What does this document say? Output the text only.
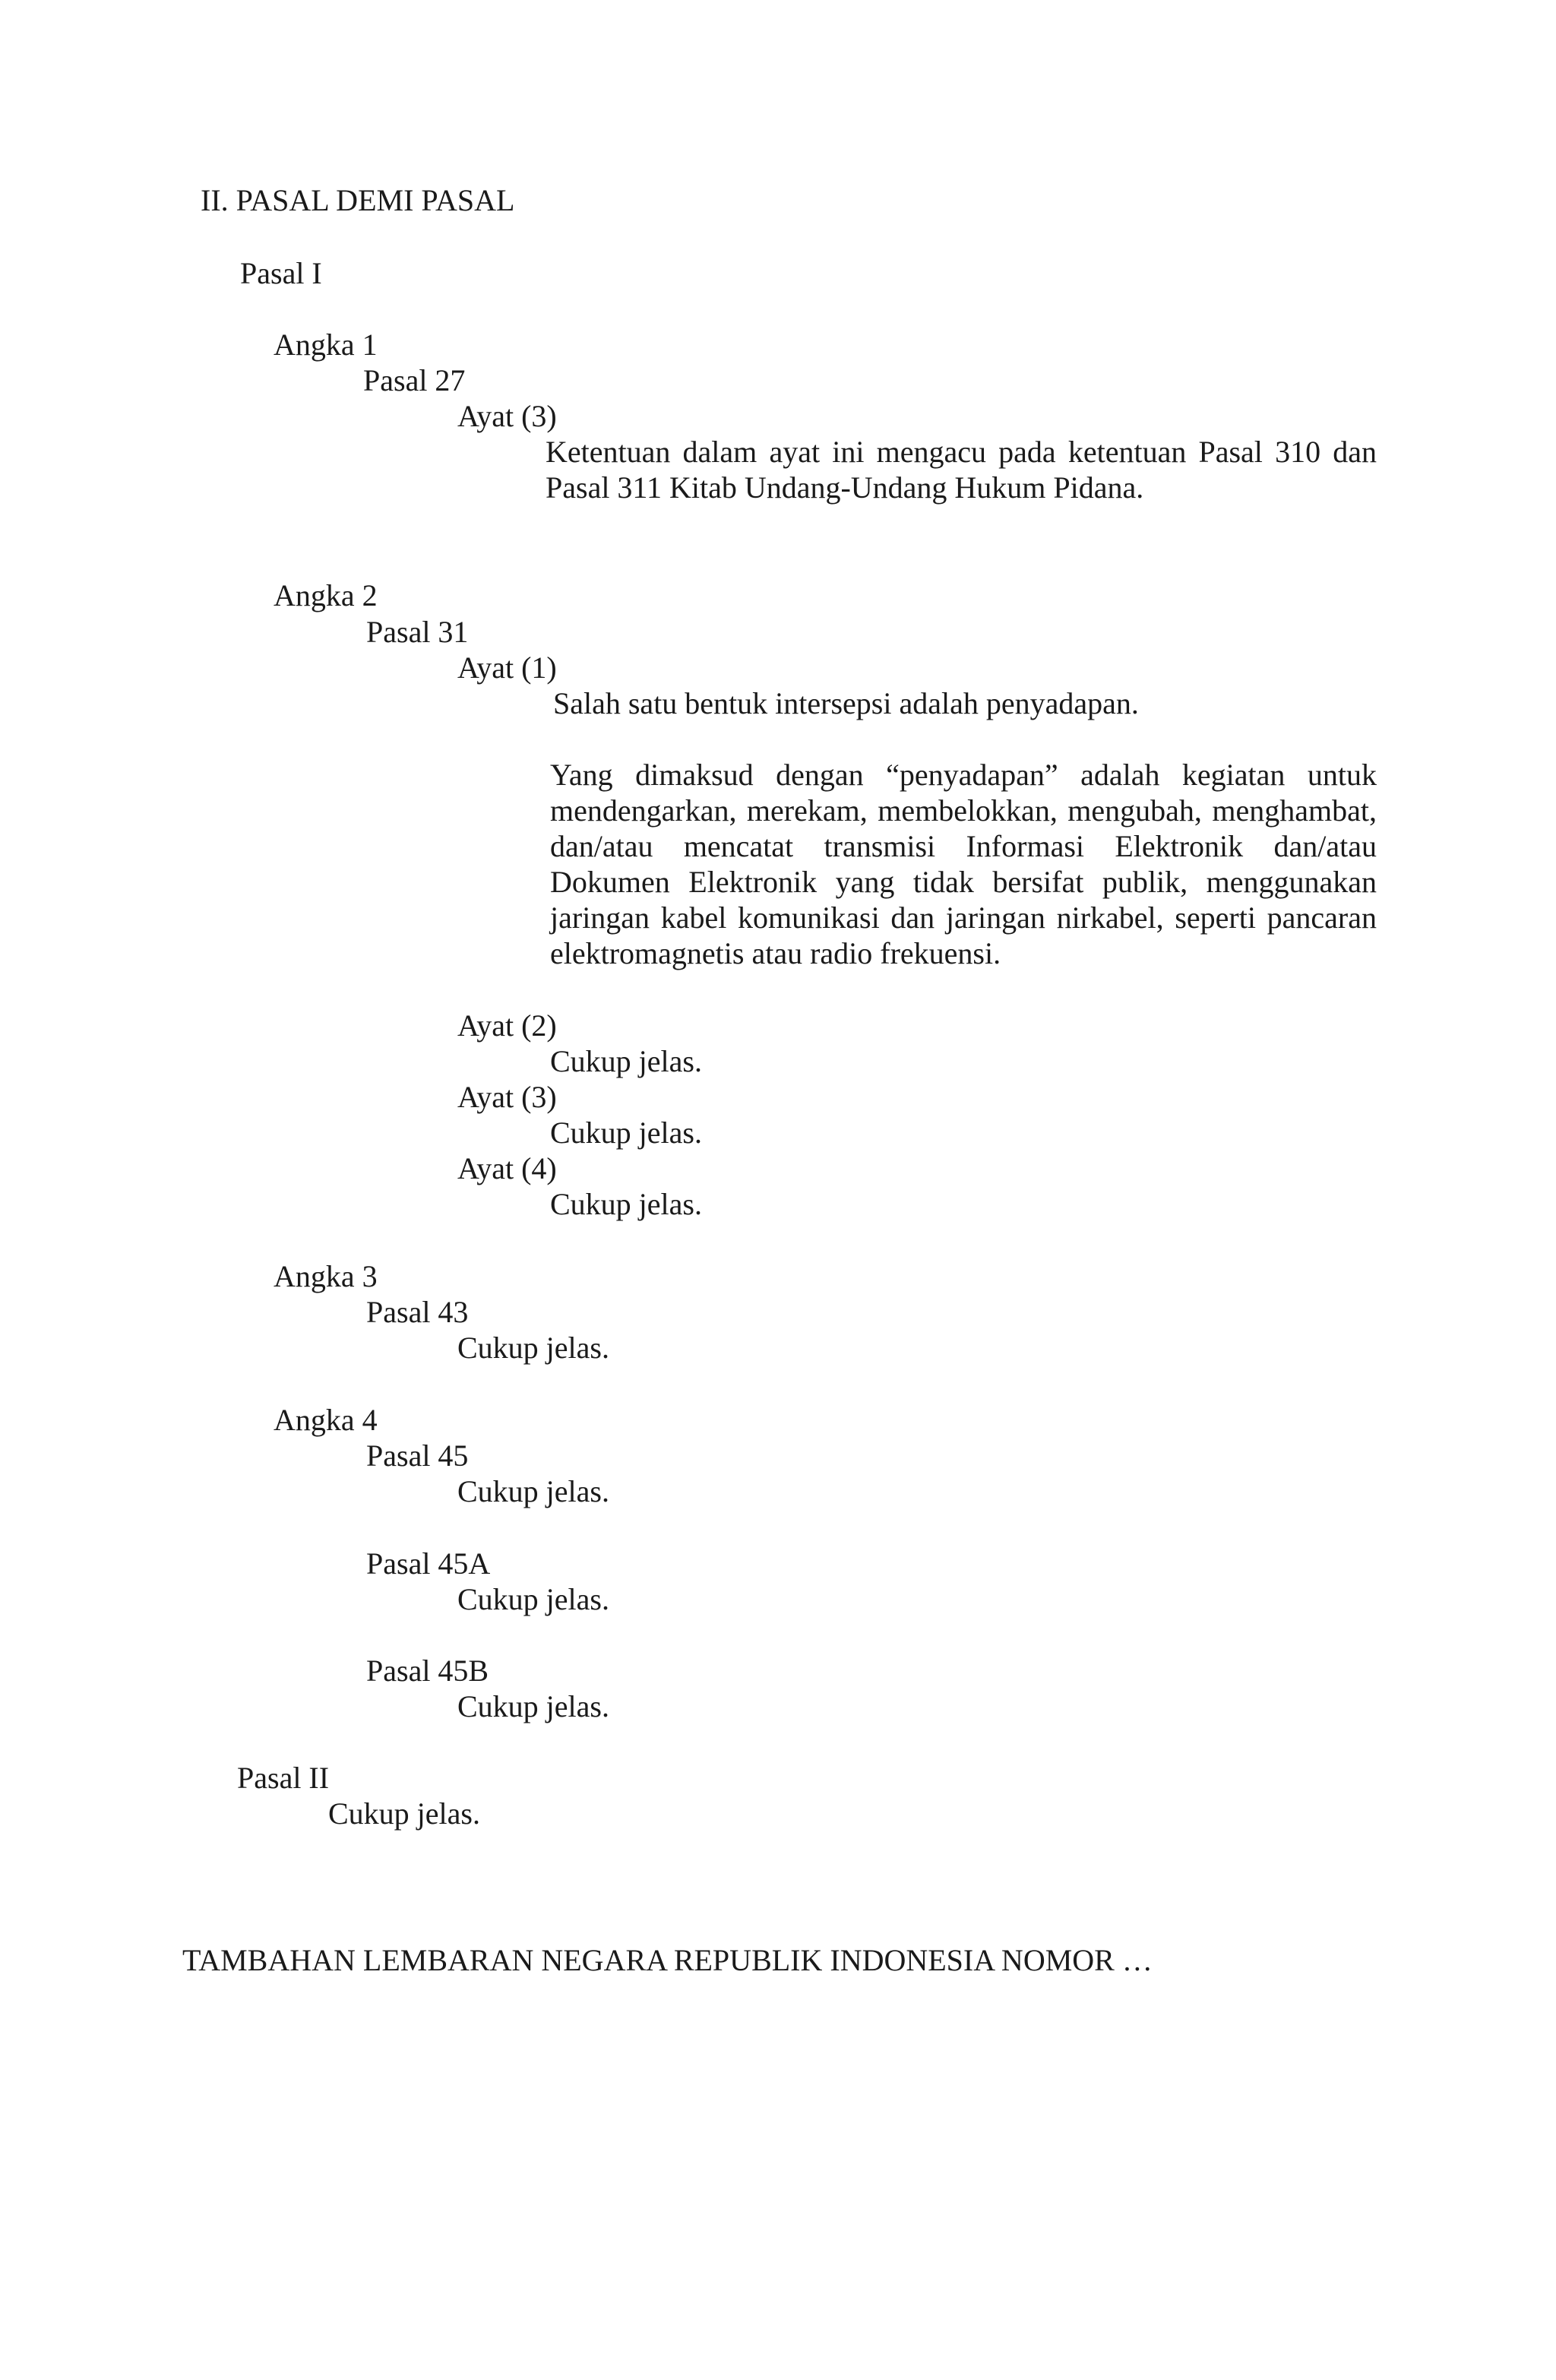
II. PASAL DEMI PASAL
Pasal I
Angka 1
Pasal 27
Ayat (3)
Ketentuan dalam ayat ini mengacu pada ketentuan Pasal 310 dan Pasal 311 Kitab Undang-Undang Hukum Pidana.
Angka 2
Pasal 31
Ayat (1)
Salah satu bentuk intersepsi adalah penyadapan.
Yang dimaksud dengan “penyadapan” adalah kegiatan untuk mendengarkan, merekam, membelokkan, mengubah, menghambat, dan/atau mencatat transmisi Informasi Elektronik dan/atau Dokumen Elektronik yang tidak bersifat publik, menggunakan jaringan kabel komunikasi dan jaringan nirkabel, seperti pancaran elektromagnetis atau radio frekuensi.
Ayat (2)
Cukup jelas.
Ayat (3)
Cukup jelas.
Ayat (4)
Cukup jelas.
Angka 3
Pasal 43
Cukup jelas.
Angka 4
Pasal 45
Cukup jelas.
Pasal 45A
Cukup jelas.
Pasal 45B
Cukup jelas.
Pasal II
Cukup jelas.
TAMBAHAN LEMBARAN NEGARA REPUBLIK INDONESIA NOMOR …
